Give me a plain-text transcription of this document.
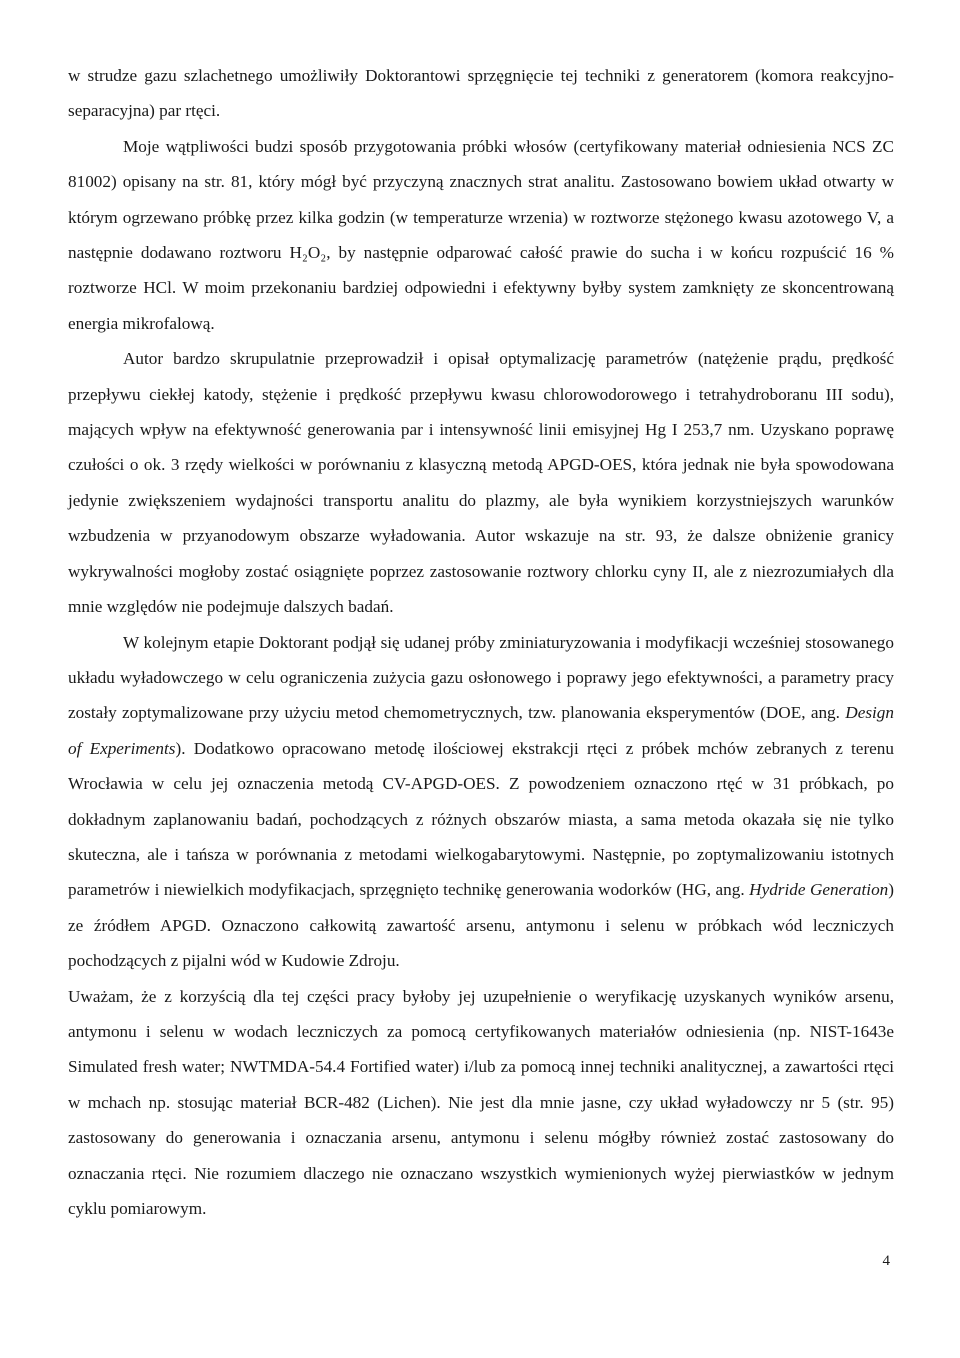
w strudze gazu szlachetnego umożliwiły Doktorantowi sprzęgnięcie tej techniki z generatorem (komora reakcyjno-separacyjna) par rtęci.

Moje wątpliwości budzi sposób przygotowania próbki włosów (certyfikowany materiał odniesienia NCS ZC 81002) opisany na str. 81, który mógł być przyczyną znacznych strat analitu. Zastosowano bowiem układ otwarty w którym ogrzewano próbkę przez kilka godzin (w temperaturze wrzenia) w roztworze stężonego kwasu azotowego V, a następnie dodawano roztworu H₂O₂, by następnie odparować całość prawie do sucha i w końcu rozpuścić 16 % roztworze HCl. W moim przekonaniu bardziej odpowiedni i efektywny byłby system zamknięty ze skoncentrowaną energia mikrofalową.

Autor bardzo skrupulatnie przeprowadził i opisał optymalizację parametrów (natężenie prądu, prędkość przepływu ciekłej katody, stężenie i prędkość przepływu kwasu chlorowodorowego i tetrahydroboranu III sodu), mających wpływ na efektywność generowania par i intensywność linii emisyjnej Hg I 253,7 nm. Uzyskano poprawę czułości o ok. 3 rzędy wielkości w porównaniu z klasyczną metodą APGD-OES, która jednak nie była spowodowana jedynie zwiększeniem wydajności transportu analitu do plazmy, ale była wynikiem korzystniejszych warunków wzbudzenia w przyanodowym obszarze wyładowania. Autor wskazuje na str. 93, że dalsze obniżenie granicy wykrywalności mogłoby zostać osiągnięte poprzez zastosowanie roztwory chlorku cyny II, ale z niezrozumiałych dla mnie względów nie podejmuje dalszych badań.

W kolejnym etapie Doktorant podjął się udanej próby zminiaturyzowania i modyfikacji wcześniej stosowanego układu wyładowczego w celu ograniczenia zużycia gazu osłonowego i poprawy jego efektywności, a parametry pracy zostały zoptymalizowane przy użyciu metod chemometrycznych, tzw. planowania eksperymentów (DOE, ang. Design of Experiments). Dodatkowo opracowano metodę ilościowej ekstrakcji rtęci z próbek mchów zebranych z terenu Wrocławia w celu jej oznaczenia metodą CV-APGD-OES. Z powodzeniem oznaczono rtęć w 31 próbkach, po dokładnym zaplanowaniu badań, pochodzących z różnych obszarów miasta, a sama metoda okazała się nie tylko skuteczna, ale i tańsza w porównania z metodami wielkogabarytowymi. Następnie, po zoptymalizowaniu istotnych parametrów i niewielkich modyfikacjach, sprzęgnięto technikę generowania wodorków (HG, ang. Hydride Generation) ze źródłem APGD. Oznaczono całkowitą zawartość arsenu, antymonu i selenu w próbkach wód leczniczych pochodzących z pijalni wód w Kudowie Zdroju.

Uważam, że z korzyścią dla tej części pracy byłoby jej uzupełnienie o weryfikację uzyskanych wyników arsenu, antymonu i selenu w wodach leczniczych za pomocą certyfikowanych materiałów odniesienia (np. NIST-1643e Simulated fresh water; NWTMDA-54.4 Fortified water) i/lub za pomocą innej techniki analitycznej, a zawartości rtęci w mchach np. stosując materiał BCR-482 (Lichen). Nie jest dla mnie jasne, czy układ wyładowczy nr 5 (str. 95) zastosowany do generowania i oznaczania arsenu, antymonu i selenu mógłby również zostać zastosowany do oznaczania rtęci. Nie rozumiem dlaczego nie oznaczano wszystkich wymienionych wyżej pierwiastków w jednym cyklu pomiarowym.

4
